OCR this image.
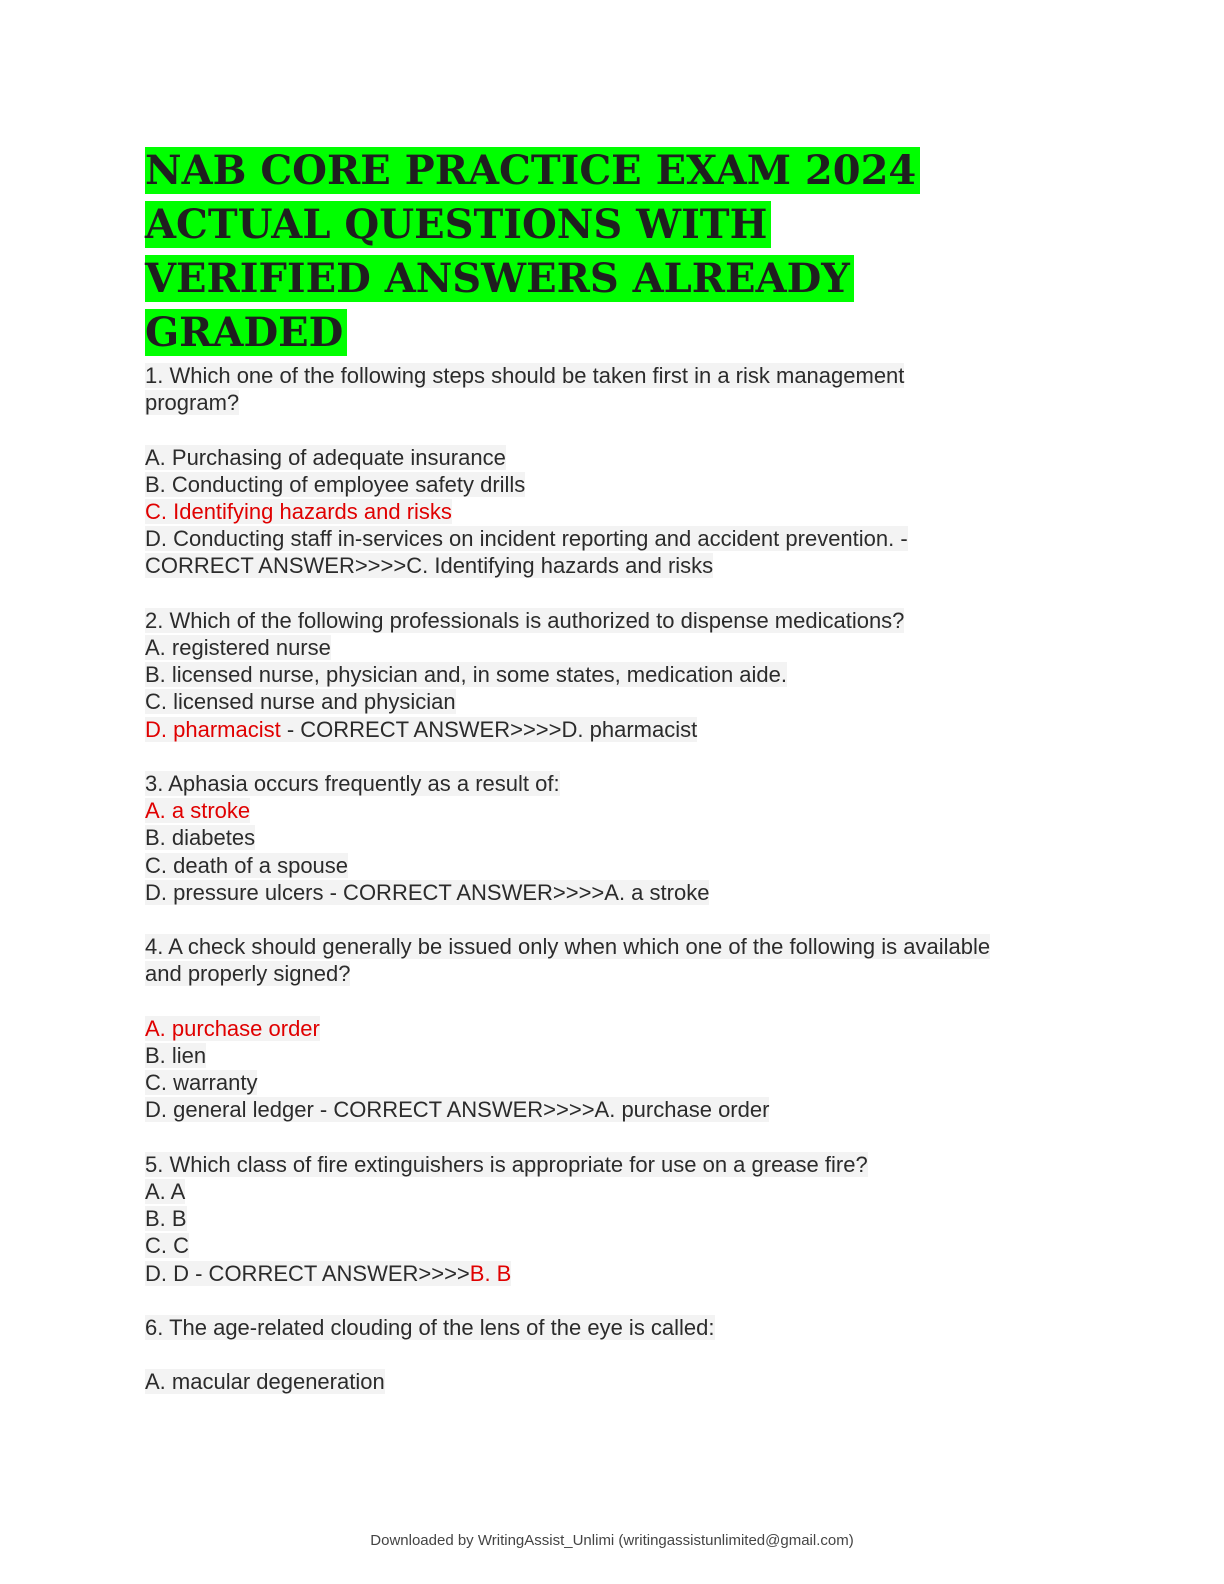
NAB CORE PRACTICE EXAM 2024
ACTUAL QUESTIONS WITH
VERIFIED ANSWERS ALREADY
GRADED
1. Which one of the following steps should be taken first in a risk management
program?
A. Purchasing of adequate insurance
B. Conducting of employee safety drills
C. Identifying hazards and risks
D. Conducting staff in-services on incident reporting and accident prevention. -
CORRECT ANSWER>>>>C. Identifying hazards and risks
2. Which of the following professionals is authorized to dispense medications?
A. registered nurse
B. licensed nurse, physician and, in some states, medication aide.
C. licensed nurse and physician
D. pharmacist - CORRECT ANSWER>>>>D. pharmacist
3. Aphasia occurs frequently as a result of:
A. a stroke
B. diabetes
C. death of a spouse
D. pressure ulcers - CORRECT ANSWER>>>>A. a stroke
4. A check should generally be issued only when which one of the following is available
and properly signed?
A. purchase order
B. lien
C. warranty
D. general ledger - CORRECT ANSWER>>>>A. purchase order
5. Which class of fire extinguishers is appropriate for use on a grease fire?
A. A
B. B
C. C
D. D - CORRECT ANSWER>>>>B. B
6. The age-related clouding of the lens of the eye is called:
A. macular degeneration
Downloaded by WritingAssist_Unlimi (writingassistunlimited@gmail.com)
